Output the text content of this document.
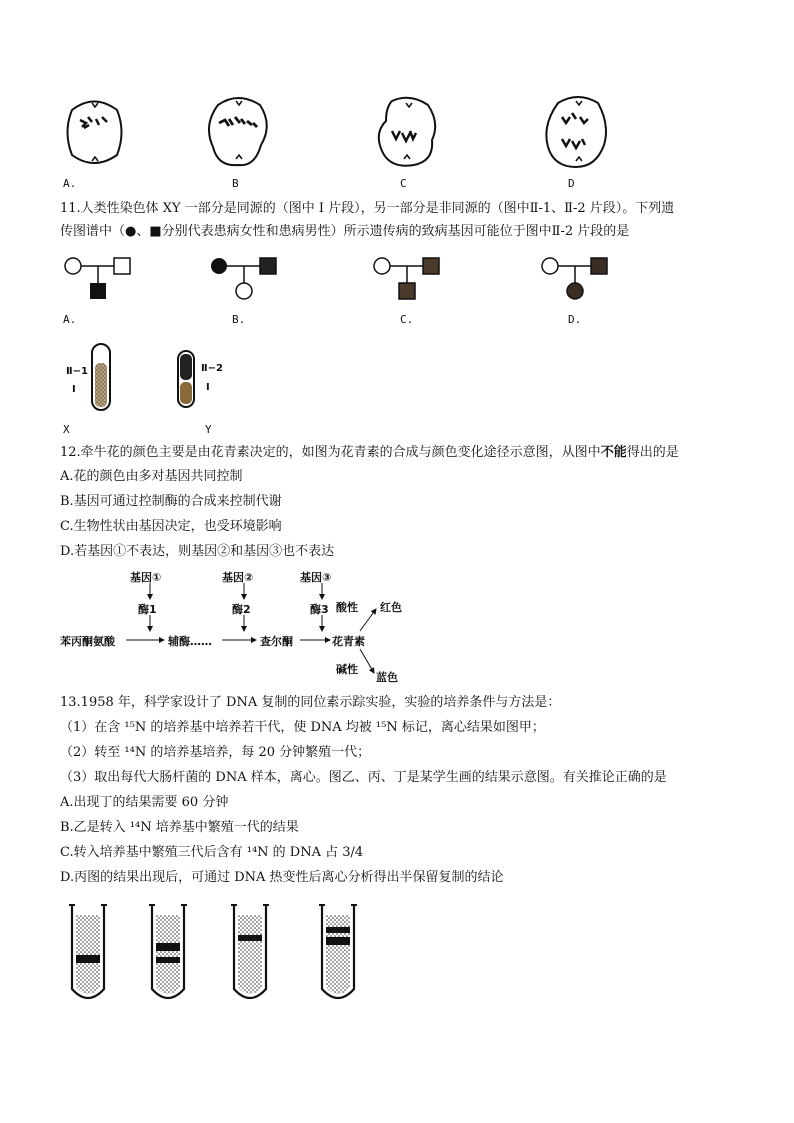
A.	B	C	D
11.人类性染色体 XY 一部分是同源的（图中 I 片段），另一部分是非同源的（图中Ⅱ-1、Ⅱ-2 片段）。下列遗
传图谱中（●、■分别代表患病女性和患病男性）所示遗传病的致病基因可能位于图中Ⅱ-2 片段的是
A.	B.	C.	D.
Ⅱ−1
Ⅰ
Ⅱ−2
Ⅰ
X	Y
12.牵牛花的颜色主要是由花青素决定的，如图为花青素的合成与颜色变化途径示意图，从图中不能得出的是
A.花的颜色由多对基因共同控制
B.基因可通过控制酶的合成来控制代谢
C.生物性状由基因决定，也受环境影响
D.若基因①不表达，则基因②和基因③也不表达
基因①	基因②	基因③
酶1	酶2	酶3 酸性 红色
苯丙酮氨酸	辅酶……	查尔酮	花青素
碱性
蓝色
13.1958 年，科学家设计了 DNA 复制的同位素示踪实验，实验的培养条件与方法是：
（1）在含 ¹⁵N 的培养基中培养若干代，使 DNA 均被 ¹⁵N 标记，离心结果如图甲；
（2）转至 ¹⁴N 的培养基培养，每 20 分钟繁殖一代；
（3）取出每代大肠杆菌的 DNA 样本，离心。图乙、丙、丁是某学生画的结果示意图。有关推论正确的是
A.出现丁的结果需要 60 分钟
B.乙是转入 ¹⁴N 培养基中繁殖一代的结果
C.转入培养基中繁殖三代后含有 ¹⁴N 的 DNA 占 3/4
D.丙图的结果出现后，可通过 DNA 热变性后离心分析得出半保留复制的结论
